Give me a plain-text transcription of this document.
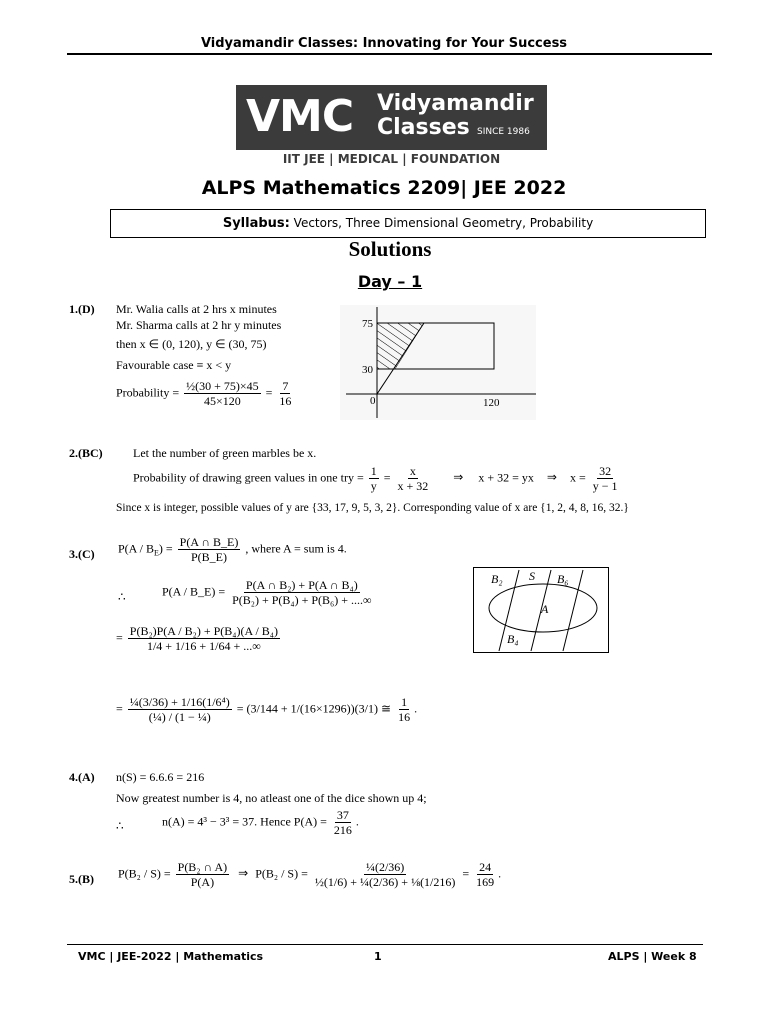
Vidyamandir Classes: Innovating for Your Success
VMC Vidyamandir
Classes SINCE 1986
IIT JEE | MEDICAL | FOUNDATION
ALPS Mathematics 2209| JEE 2022
Syllabus: Vectors, Three Dimensional Geometry, Probability
Solutions
Day – 1
1.(D) Mr. Walia calls at 2 hrs x minutes
Mr. Sharma calls at 2 hr y minutes
then x ∈ (0, 120), y ∈ (30, 75)
Favourable case ≡ x < y
Probability = $\frac{\text{½(30 + 75)×45}}{45\times 120} = \frac{7}{16}$
75
30
0	120
2.(BC)	Let the number of green marbles be x.
Probability of drawing green values in one try = $\frac{1}{y} = \frac{x}{x + 32}$ ⇒ x + 32 = yx ⇒ $x = \frac{32}{y - 1}$
Since x is integer, possible values of y are {33, 17, 9, 5, 3, 2}. Corresponding value of x are {1, 2, 4, 8, 16, 32.}
3.(C) $P(A / B_E) = \frac{P(A \cap B\_E)}{P(B\_E)}$ , where A = sum is 4.
∴	P(A / B_E) = $\frac{\text{P(A ∩ B₂) + P(A ∩ B₄)}}{\text{P(B₂) + P(B₄) + P(B₆) + ....∞}}$
= $\frac{\text{P(B₂)P(A / B₂) + P(B₄)(A / B₄)}}{1/4 + 1/16 + 1/64 + ...\infty}$
= $\frac{\text{¼(3/36) + 1/16(1/6⁴)}}{\text{(¼) / (1 − ¼)}} = (3/144 + 1/(16\times 1296))(3/1)$ ≅ $\frac{1}{16}$ .
B₂ S B₆
A
B₄
4.(A) n(S) = 6.6.6 = 216
Now greatest number is 4, no atleast one of the dice shown up 4;
∴	n(A) = 4³ − 3³ = 37. Hence $P(A) = \frac{37}{216}$ .
5.(B) $P(B_2 / S) = \frac{\text{P(B₂ ∩ A)}}{P(A)}$ ⇒ $P(B_2 / S) = \frac{\text{¼(2/36)}}{\text{½(1/6) + ¼(2/36) + ⅛(1/216)}} = \frac{24}{169}$ .
VMC | JEE-2022 | Mathematics	1	ALPS | Week 8
